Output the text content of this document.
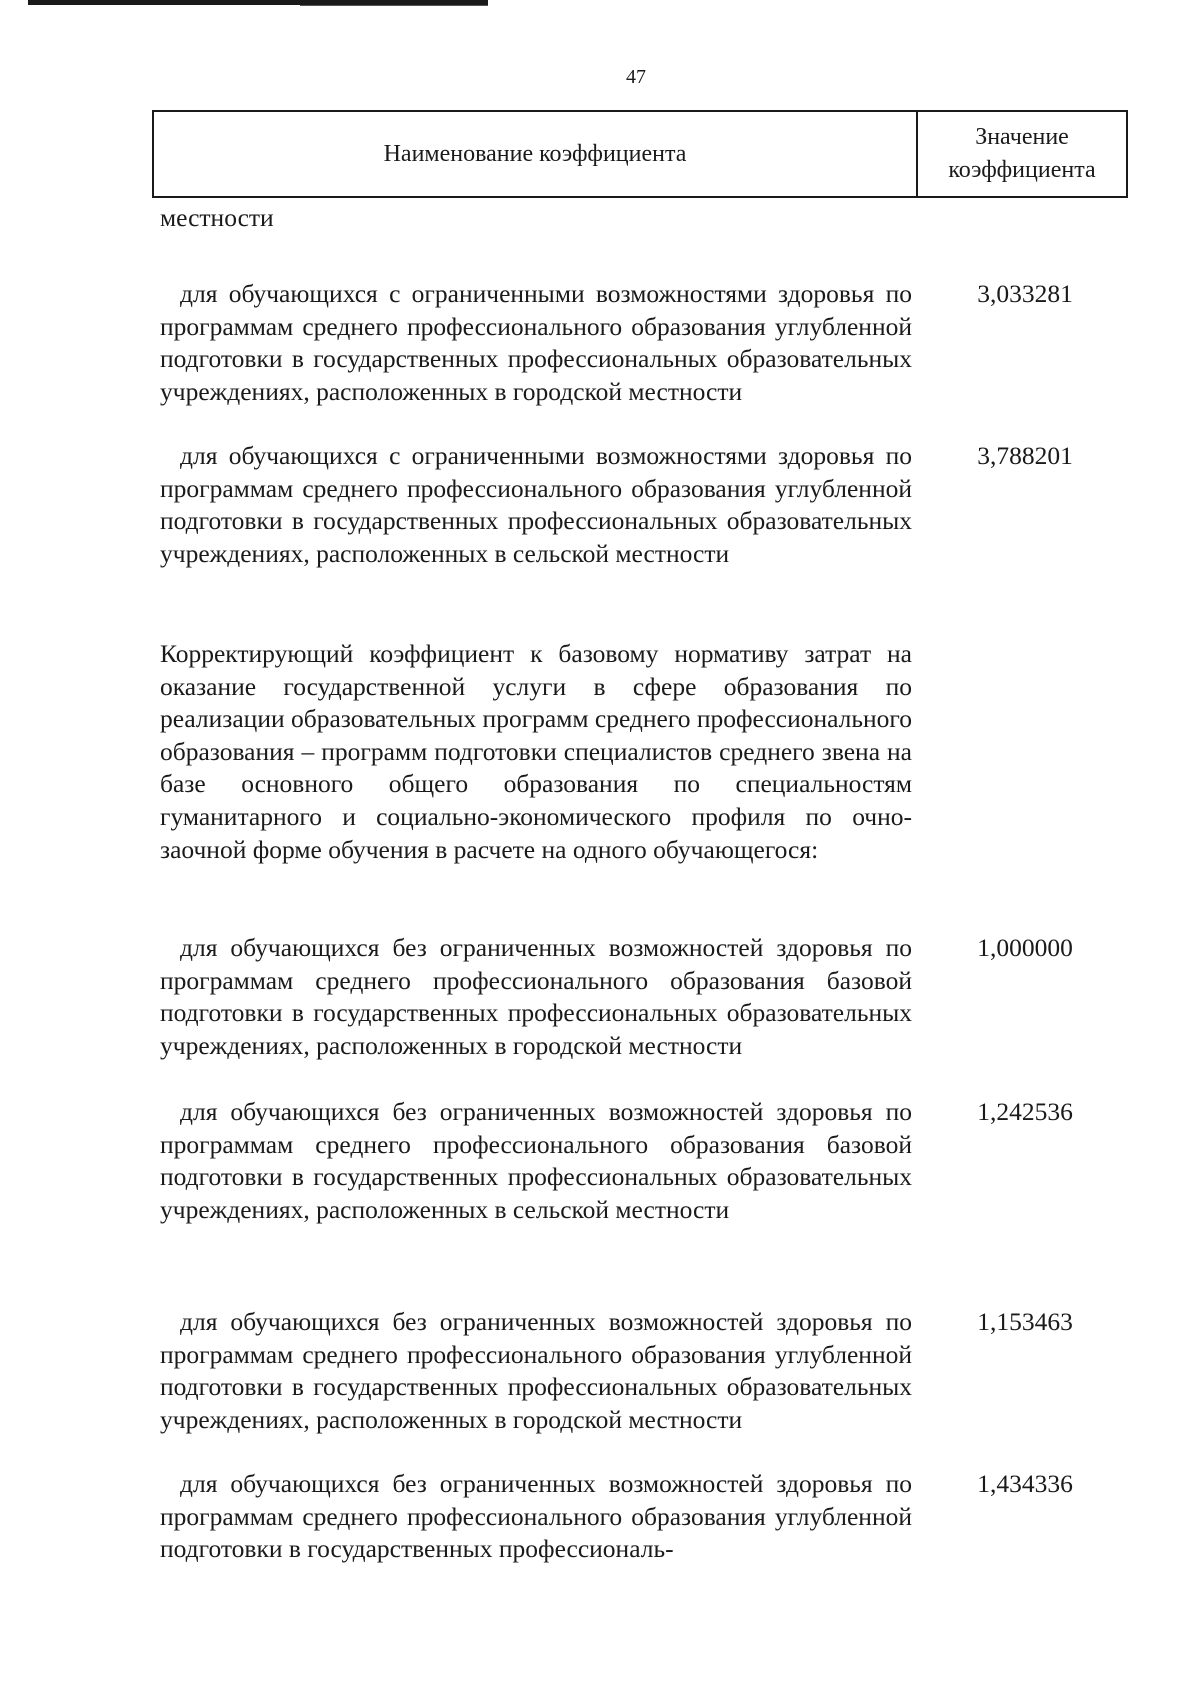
47
Наименование коэффициента
Значение коэффициента
местности
для обучающихся с ограниченными возможностями здоровья по программам среднего профессионального образования углубленной подготовки в государственных профессиональных образовательных учреждениях, расположенных в городской местности
3,033281
для обучающихся с ограниченными возможностями здоровья по программам среднего профессионального образования углубленной подготовки в государственных профессиональных образовательных учреждениях, расположенных в сельской местности
3,788201
Корректирующий коэффициент к базовому нормативу затрат на оказание государственной услуги в сфере образования по реализации образовательных программ среднего профессионального образования – программ подготовки специалистов среднего звена на базе основного общего образования по специальностям гуманитарного и социально-экономического профиля по очно-заочной форме обучения в расчете на одного обучающегося:
для обучающихся без ограниченных возможностей здоровья по программам среднего профессионального образования базовой подготовки в государственных профессиональных образовательных учреждениях, расположенных в городской местности
1,000000
для обучающихся без ограниченных возможностей здоровья по программам среднего профессионального образования базовой подготовки в государственных профессиональных образовательных учреждениях, расположенных в сельской местности
1,242536
для обучающихся без ограниченных возможностей здоровья по программам среднего профессионального образования углубленной подготовки в государственных профессиональных образовательных учреждениях, расположенных в городской местности
1,153463
для обучающихся без ограниченных возможностей здоровья по программам среднего профессионального образования углубленной подготовки в государственных профессиональ-
1,434336
